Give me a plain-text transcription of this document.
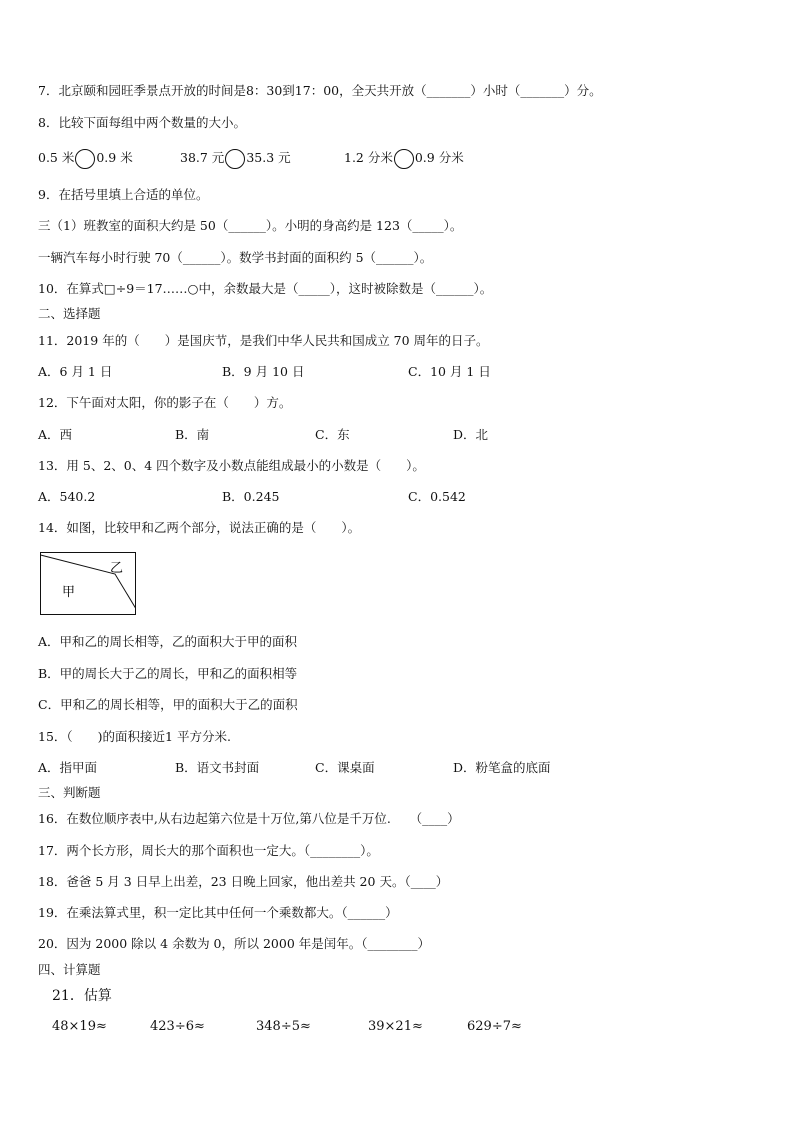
7．北京颐和园旺季景点开放的时间是8：30到17：00，全天共开放（_______）小时（_______）分。
8．比较下面每组中两个数量的大小。
0.5 米 0.9 米	38.7 元 35.3 元	1.2 分米 0.9 分米
9．在括号里填上合适的单位。
三（1）班教室的面积大约是 50（______）。小明的身高约是 123（_____）。
一辆汽车每小时行驶 70（______）。数学书封面的面积约 5（______）。
10．在算式□÷9＝17……○中，余数最大是（_____），这时被除数是（______）。
二、选择题
11．2019 年的（　　）是国庆节，是我们中华人民共和国成立 70 周年的日子。
A．6 月 1 日	B．9 月 10 日	C．10 月 1 日
12．下午面对太阳，你的影子在（　　）方。
A．西	B．南	C．东	D．北
13．用 5、2、0、4 四个数字及小数点能组成最小的小数是（　　）。
A．540.2	B．0.245	C．0.542
14．如图，比较甲和乙两个部分，说法正确的是（　　）。
乙
甲
A．甲和乙的周长相等，乙的面积大于甲的面积
B．甲的周长大于乙的周长，甲和乙的面积相等
C．甲和乙的周长相等，甲的面积大于乙的面积
15．（　　)的面积接近1 平方分米.
A．指甲面	B．语文书封面	C．课桌面	D．粉笔盒的底面
三、判断题
16．在数位顺序表中,从右边起第六位是十万位,第八位是千万位.　　（____）
17．两个长方形，周长大的那个面积也一定大。（________）。
18．爸爸 5 月 3 日早上出差，23 日晚上回家，他出差共 20 天。（____）
19．在乘法算式里，积一定比其中任何一个乘数都大。（______）
20．因为 2000 除以 4 余数为 0，所以 2000 年是闰年。（________）
四、计算题
21．估算
48×19≈	423÷6≈	348÷5≈	39×21≈	629÷7≈
